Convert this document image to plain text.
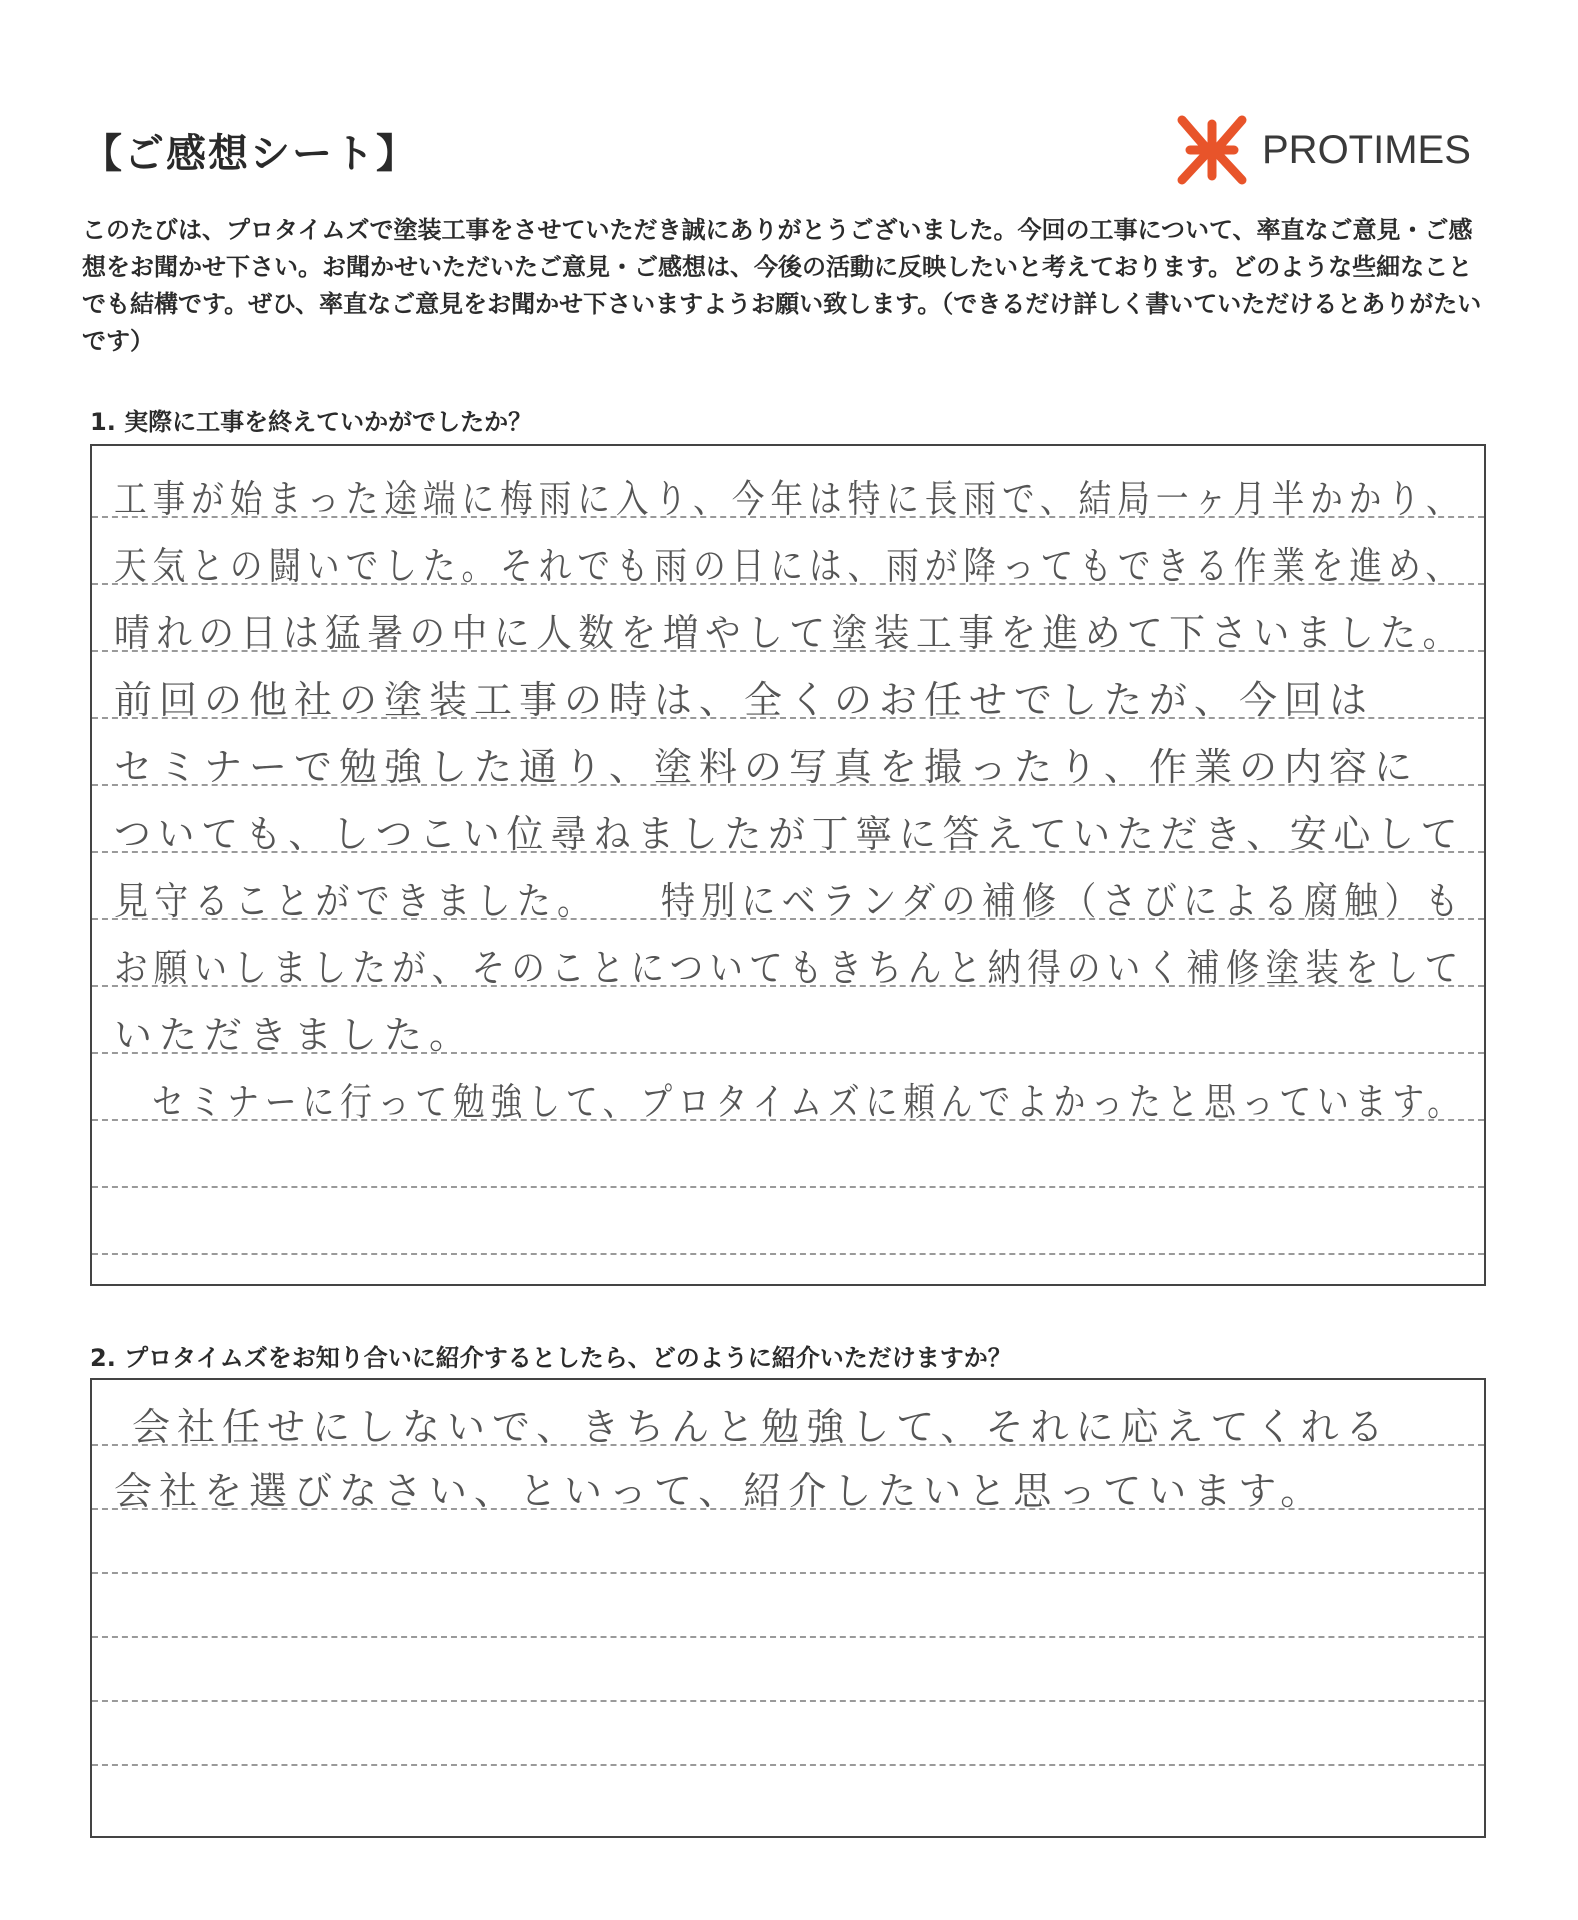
【ご感想シート】	PROTIMES

このたびは、プロタイムズで塗装工事をさせていただき誠にありがとうございました。今回の工事について、率直なご意見・ご感想をお聞かせ下さい。お聞かせいただいたご意見・ご感想は、今後の活動に反映したいと考えております。どのような些細なことでも結構です。ぜひ、率直なご意見をお聞かせ下さいますようお願い致します。（できるだけ詳しく書いていただけるとありがたいです）

1. 実際に工事を終えていかがでしたか？

工事が始まった途端に梅雨に入り、今年は特に長雨で、結局一ヶ月半かかり、
天気との闘いでした。それでも雨の日には、雨が降ってもできる作業を進め、
晴れの日は猛暑の中に人数を増やして塗装工事を進めて下さいました。
前回の他社の塗装工事の時は、全くのお任せでしたが、今回は
セミナーで勉強した通り、塗料の写真を撮ったり、作業の内容に
ついても、しつこい位尋ねましたが丁寧に答えていただき、安心して
見守ることができました。　　特別にベランダの補修（さびによる腐触）も
お願いしましたが、そのことについてもきちんと納得のいく補修塗装をして
いただきました。
セミナーに行って勉強して、プロタイムズに頼んでよかったと思っています。

2. プロタイムズをお知り合いに紹介するとしたら、どのように紹介いただけますか？

会社任せにしないで、きちんと勉強して、それに応えてくれる
会社を選びなさい、といって、紹介したいと思っています。
